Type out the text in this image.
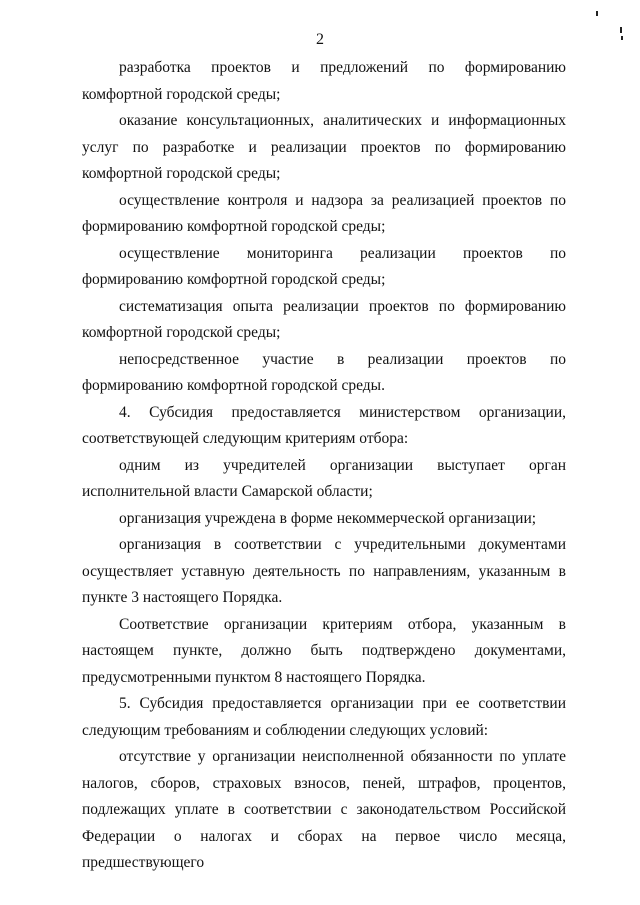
2

разработка проектов и предложений по формированию комфортной городской среды;

оказание консультационных, аналитических и информационных услуг по разработке и реализации проектов по формированию комфортной городской среды;

осуществление контроля и надзора за реализацией проектов по формированию комфортной городской среды;

осуществление мониторинга реализации проектов по формированию комфортной городской среды;

систематизация опыта реализации проектов по формированию комфортной городской среды;

непосредственное участие в реализации проектов по формированию комфортной городской среды.

4. Субсидия предоставляется министерством организации, соответствующей следующим критериям отбора:

одним из учредителей организации выступает орган исполнительной власти Самарской области;

организация учреждена в форме некоммерческой организации;

организация в соответствии с учредительными документами осуществляет уставную деятельность по направлениям, указанным в пункте 3 настоящего Порядка.

Соответствие организации критериям отбора, указанным в настоящем пункте, должно быть подтверждено документами, предусмотренными пунктом 8 настоящего Порядка.

5. Субсидия предоставляется организации при ее соответствии следующим требованиям и соблюдении следующих условий:

отсутствие у организации неисполненной обязанности по уплате налогов, сборов, страховых взносов, пеней, штрафов, процентов, подлежащих уплате в соответствии с законодательством Российской Федерации о налогах и сборах на первое число месяца, предшествующего
